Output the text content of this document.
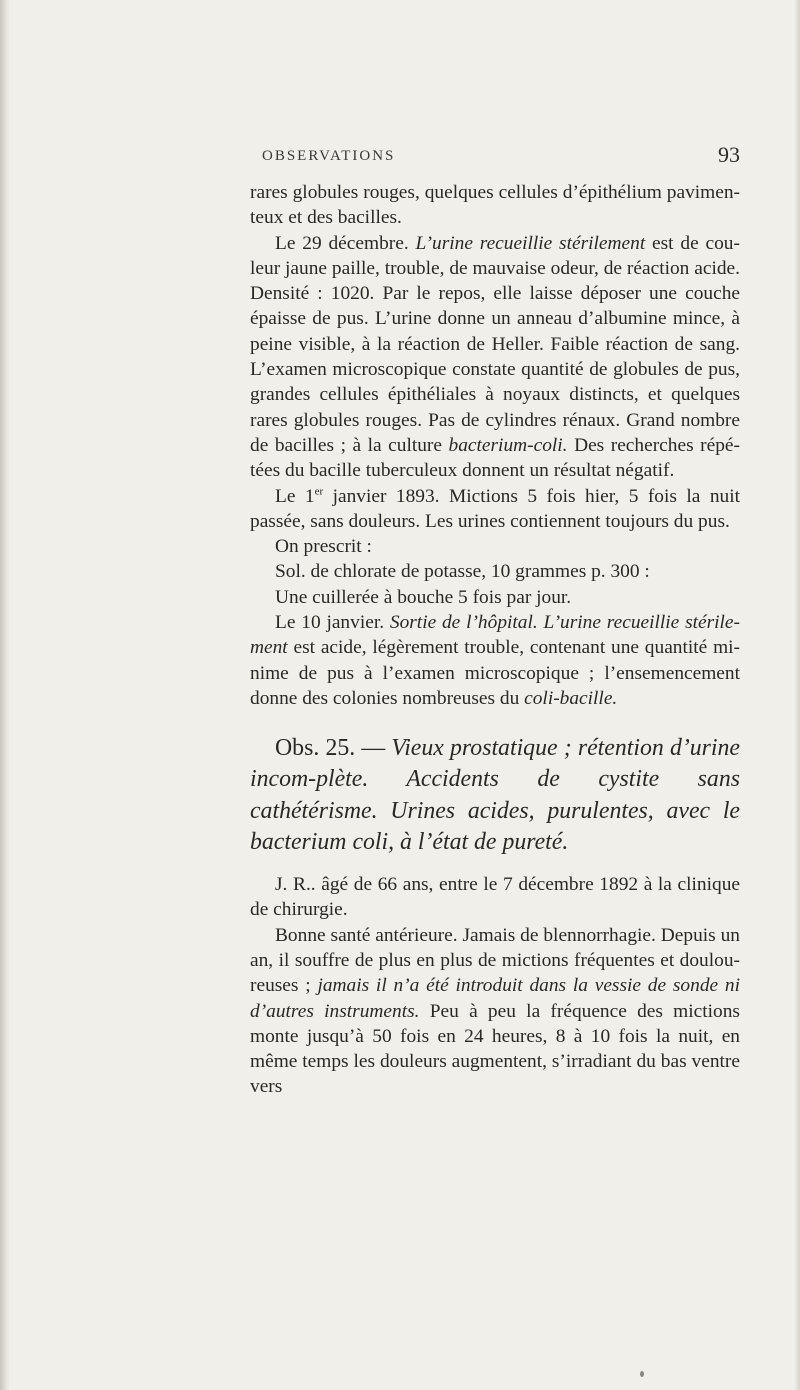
OBSERVATIONS	93

rares globules rouges, quelques cellules d’épithélium pavimen-teux et des bacilles.

Le 29 décembre. L’urine recueillie stérilement est de cou-leur jaune paille, trouble, de mauvaise odeur, de réaction acide. Densité : 1020. Par le repos, elle laisse déposer une couche épaisse de pus. L’urine donne un anneau d’albumine mince, à peine visible, à la réaction de Heller. Faible réaction de sang. L’examen microscopique constate quantité de globules de pus, grandes cellules épithéliales à noyaux distincts, et quelques rares globules rouges. Pas de cylindres rénaux. Grand nombre de bacilles ; à la culture bacterium-coli. Des recherches répé-tées du bacille tuberculeux donnent un résultat négatif.

Le 1er janvier 1893. Mictions 5 fois hier, 5 fois la nuit passée, sans douleurs. Les urines contiennent toujours du pus.

On prescrit :

Sol. de chlorate de potasse, 10 grammes p. 300 :

Une cuillerée à bouche 5 fois par jour.

Le 10 janvier. Sortie de l’hôpital. L’urine recueillie stérile-ment est acide, légèrement trouble, contenant une quantité mi-nime de pus à l’examen microscopique ; l’ensemencement donne des colonies nombreuses du coli-bacille.

Obs. 25. — Vieux prostatique ; rétention d’urine incom-plète. Accidents de cystite sans cathétérisme. Urines acides, purulentes, avec le bacterium coli, à l’état de pureté.

J. R.. âgé de 66 ans, entre le 7 décembre 1892 à la clinique de chirurgie.

Bonne santé antérieure. Jamais de blennorrhagie. Depuis un an, il souffre de plus en plus de mictions fréquentes et doulou-reuses ; jamais il n’a été introduit dans la vessie de sonde ni d’autres instruments. Peu à peu la fréquence des mictions monte jusqu’à 50 fois en 24 heures, 8 à 10 fois la nuit, en même temps les douleurs augmentent, s’irradiant du bas ventre vers
